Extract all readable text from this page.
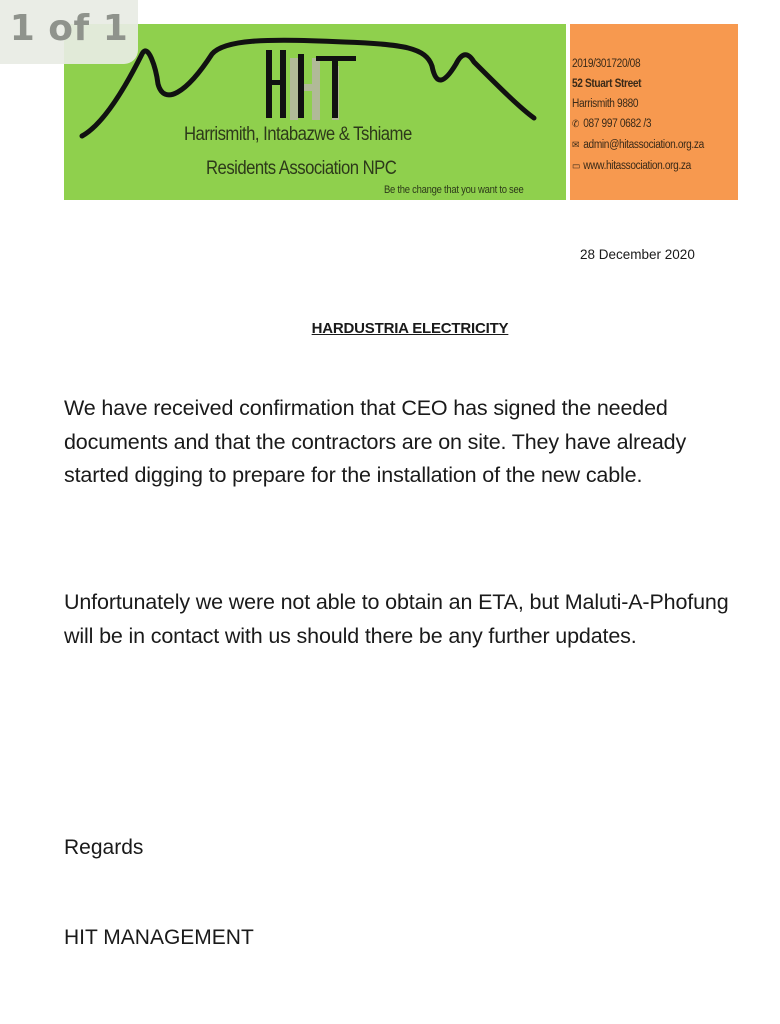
1 of 1
Harrismith, Intabazwe & Tshiame
Residents Association NPC
Be the change that you want to see
2019/301720/08
52 Stuart Street
Harrismith 9880
✆ 087 997 0682 /3
✉ admin@hitassociation.org.za
▭ www.hitassociation.org.za
28 December 2020
HARDUSTRIA ELECTRICITY

We have received confirmation that CEO has signed the needed documents and that the contractors are on site. They have already started digging to prepare for the installation of the new cable.

Unfortunately we were not able to obtain an ETA, but Maluti-A-Phofung will be in contact with us should there be any further updates.

Regards
HIT MANAGEMENT
